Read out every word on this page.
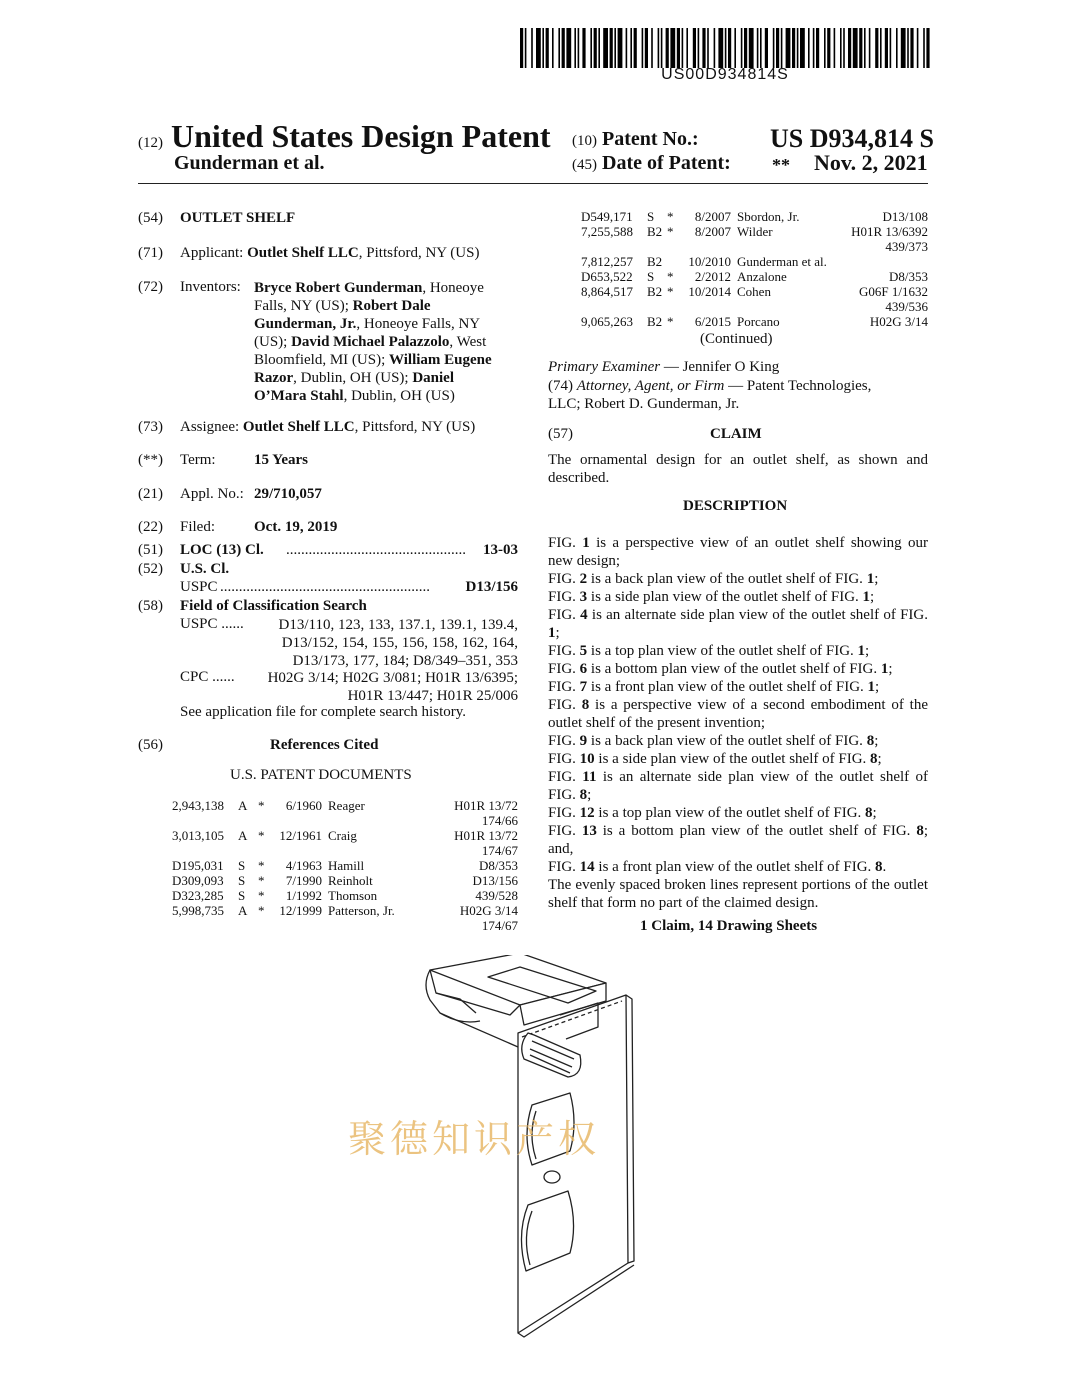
US00D934814S
(12) United States Design Patent
Gunderman et al.
(10) Patent No.:	US D934,814 S
(45) Date of Patent: ** Nov. 2, 2021
(54) OUTLET SHELF
(71) Applicant: Outlet Shelf LLC, Pittsford, NY (US)
(72) Inventors: Bryce Robert Gunderman, Honeoye
Falls, NY (US); Robert Dale
Gunderman, Jr., Honeoye Falls, NY
(US); David Michael Palazzolo, West
Bloomfield, MI (US); William Eugene
Razor, Dublin, OH (US); Daniel
O’Mara Stahl, Dublin, OH (US)
(73) Assignee: Outlet Shelf LLC, Pittsford, NY (US)
(**) Term:	15 Years
(21) Appl. No.: 29/710,057
(22) Filed:	Oct. 19, 2019
(51) LOC (13) Cl. ................................................	13-03
(52) U.S. Cl.
USPC ........................................................	D13/156
(58) Field of Classification Search
USPC ......	D13/110, 123, 133, 137.1, 139.1, 139.4,
D13/152, 154, 155, 156, 158, 162, 164,
D13/173, 177, 184; D8/349–351, 353
CPC ......	H02G 3/14; H02G 3/081; H01R 13/6395;
H01R 13/447; H01R 25/006
See application file for complete search history.
(56)	References Cited
U.S. PATENT DOCUMENTS
2,943,138	A	*	6/1960	Reager	H01R 13/72
174/66					
3,013,105	A	*	12/1961	Craig	H01R 13/72
174/67					
D195,031	S	*	4/1963	Hamill	D8/353
D309,093	S	*	7/1990	Reinholt	D13/156
D323,285	S	*	1/1992	Thomson	439/528
5,998,735	A	*	12/1999	Patterson, Jr.	H02G 3/14
174/67					
D549,171	S	*	8/2007	Sbordon, Jr.	D13/108
7,255,588	B2	*	8/2007	Wilder	H01R 13/6392
439/373					
7,812,257	B2		10/2010	Gunderman et al.	
D653,522	S	*	2/2012	Anzalone	D8/353
8,864,517	B2	*	10/2014	Cohen	G06F 1/1632
439/536					
9,065,263	B2	*	6/2015	Porcano	H02G 3/14
(Continued)
Primary Examiner — Jennifer O King
(74) Attorney, Agent, or Firm — Patent Technologies,
LLC; Robert D. Gunderman, Jr.
(57)	CLAIM
The ornamental design for an outlet shelf, as shown and described.
DESCRIPTION

FIG. 1 is a perspective view of an outlet shelf showing our new design;

FIG. 2 is a back plan view of the outlet shelf of FIG. 1;

FIG. 3 is a side plan view of the outlet shelf of FIG. 1;

FIG. 4 is an alternate side plan view of the outlet shelf of FIG. 1;

FIG. 5 is a top plan view of the outlet shelf of FIG. 1;

FIG. 6 is a bottom plan view of the outlet shelf of FIG. 1;

FIG. 7 is a front plan view of the outlet shelf of FIG. 1;

FIG. 8 is a perspective view of a second embodiment of the outlet shelf of the present invention;

FIG. 9 is a back plan view of the outlet shelf of FIG. 8;

FIG. 10 is a side plan view of the outlet shelf of FIG. 8;

FIG. 11 is an alternate side plan view of the outlet shelf of FIG. 8;

FIG. 12 is a top plan view of the outlet shelf of FIG. 8;

FIG. 13 is a bottom plan view of the outlet shelf of FIG. 8; and,

FIG. 14 is a front plan view of the outlet shelf of FIG. 8.

The evenly spaced broken lines represent portions of the outlet shelf that form no part of the claimed design.

1 Claim, 14 Drawing Sheets
聚德知识产权
